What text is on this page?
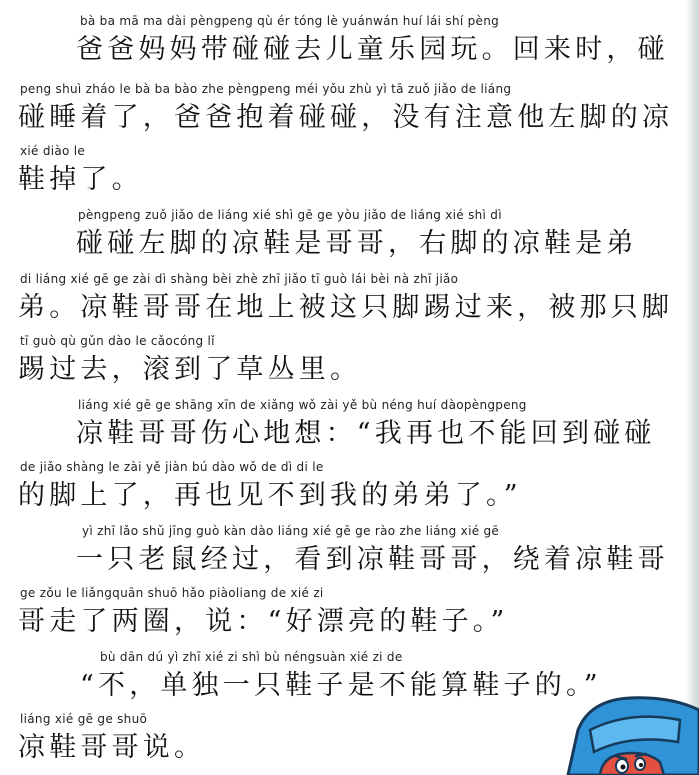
bà ba mā ma dài pèngpeng qù ér tóng lè yuánwán huí lái shí pèng
爸爸妈妈带碰碰去儿童乐园玩。回来时，碰
peng shuì zháo le bà ba bào zhe pèngpeng méi yǒu zhù yì tā zuǒ jiǎo de liáng
碰睡着了，爸爸抱着碰碰，没有注意他左脚的凉
xié diào le
鞋掉了。
pèngpeng zuǒ jiǎo de liáng xié shì gē ge yòu jiǎo de liáng xié shì dì
碰碰左脚的凉鞋是哥哥，右脚的凉鞋是弟
di liáng xié gē ge zài dì shàng bèi zhè zhī jiǎo tī guò lái bèi nà zhī jiǎo
弟。凉鞋哥哥在地上被这只脚踢过来，被那只脚
tī guò qù gǔn dào le cǎocóng lǐ
踢过去，滚到了草丛里。
liáng xié gē ge shāng xīn de xiǎng wǒ zài yě bù néng huí dàopèngpeng
凉鞋哥哥伤心地想：“我再也不能回到碰碰
de jiǎo shàng le zài yě jiàn bú dào wǒ de dì di le
的脚上了，再也见不到我的弟弟了。”
yì zhī lǎo shǔ jīng guò kàn dào liáng xié gē ge rào zhe liáng xié gē
一只老鼠经过，看到凉鞋哥哥，绕着凉鞋哥
ge zǒu le liǎngquān shuō hǎo piàoliang de xié zi
哥走了两圈，说：“好漂亮的鞋子。”
bù dān dú yì zhī xié zi shì bù néngsuàn xié zi de
“不，单独一只鞋子是不能算鞋子的。”
liáng xié gē ge shuō
凉鞋哥哥说。
